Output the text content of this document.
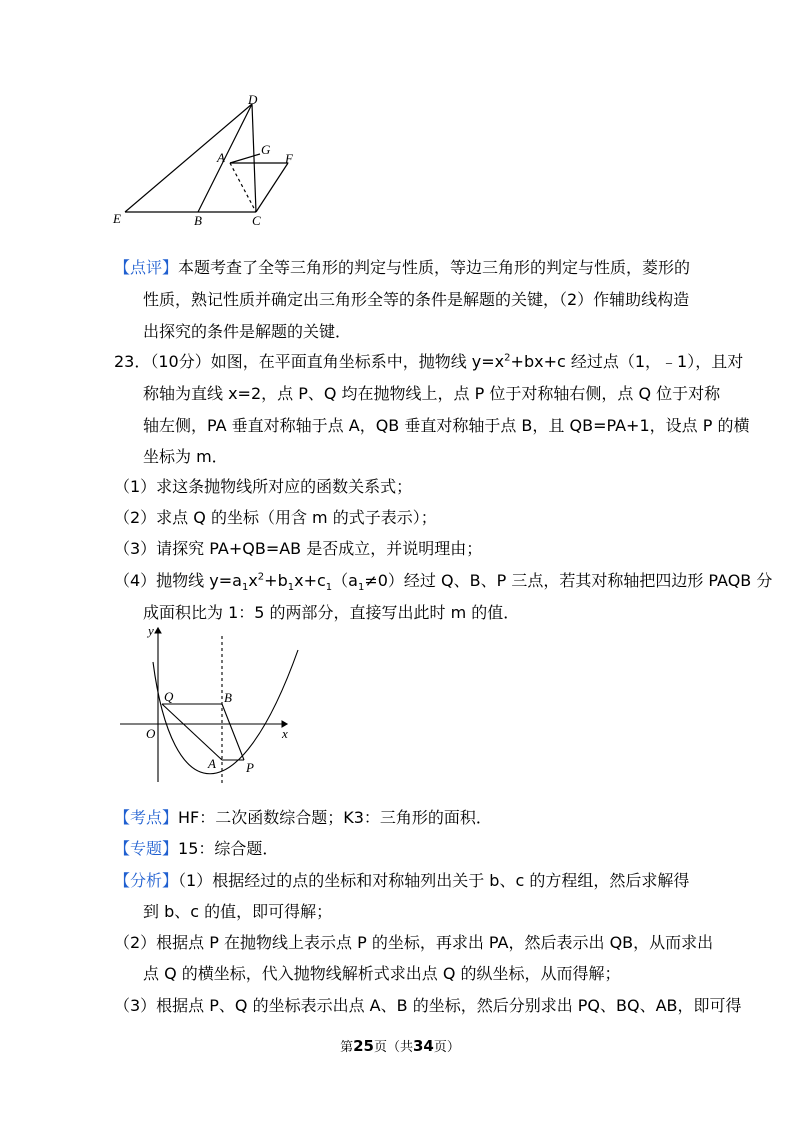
D
A
G
F
E	B	C
【点评】本题考查了全等三角形的判定与性质，等边三角形的判定与性质，菱形的
性质，熟记性质并确定出三角形全等的条件是解题的关键，（2）作辅助线构造
出探究的条件是解题的关键．
23．（10分）如图，在平面直角坐标系中，抛物线 $y=x^2+bx+c$ 经过点（1，﹣1），且对
称轴为直线 x=2，点 P、Q 均在抛物线上，点 P 位于对称轴右侧，点 Q 位于对称
轴左侧，PA 垂直对称轴于点 A，QB 垂直对称轴于点 B，且 QB=PA+1，设点 P 的横
坐标为 m．
（1）求这条抛物线所对应的函数关系式；
（2）求点 Q 的坐标（用含 m 的式子表示）；
（3）请探究 PA+QB=AB 是否成立，并说明理由；
（4）抛物线 $y=a_1x^2+b_1x+c_1(a_1\ne 0)$经过 Q、B、P 三点，若其对称轴把四边形 PAQB 分
成面积比为 1：5 的两部分，直接写出此时 m 的值．
y
Q	B
O	x
A P
【考点】HF：二次函数综合题；K3：三角形的面积．
【专题】15：综合题．
【分析】（1）根据经过的点的坐标和对称轴列出关于 b、c 的方程组，然后求解得
到 b、c 的值，即可得解；
（2）根据点 P 在抛物线上表示点 P 的坐标，再求出 PA，然后表示出 QB，从而求出
点 Q 的横坐标，代入抛物线解析式求出点 Q 的纵坐标，从而得解；
（3）根据点 P、Q 的坐标表示出点 A、B 的坐标，然后分别求出 PQ、BQ、AB，即可得
第25页（共34页）
